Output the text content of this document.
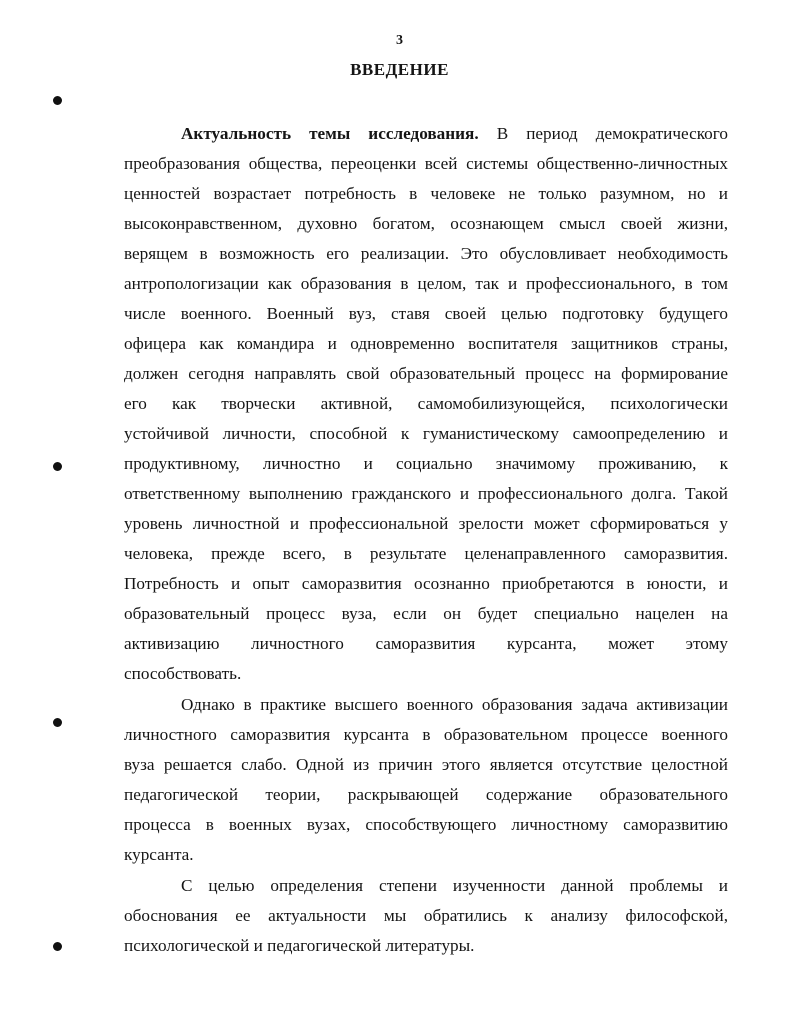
3
ВВЕДЕНИЕ
Актуальность темы исследования. В период демократического
преобразования общества, переоценки всей системы общественно-личностных
ценностей возрастает потребность в человеке не только разумном, но и
высоконравственном, духовно богатом, осознающем смысл своей жизни,
верящем в возможность его реализации. Это обусловливает необходимость
антропологизации как образования в целом, так и профессионального, в том
числе военного. Военный вуз, ставя своей целью подготовку будущего
офицера как командира и одновременно воспитателя защитников страны,
должен сегодня направлять свой образовательный процесс на формирование
его как творчески активной, самомобилизующейся, психологически
устойчивой личности, способной к гуманистическому самоопределению и
продуктивному, личностно и социально значимому проживанию, к
ответственному выполнению гражданского и профессионального долга. Такой
уровень личностной и профессиональной зрелости может сформироваться у
человека, прежде всего, в результате целенаправленного саморазвития.
Потребность и опыт саморазвития осознанно приобретаются в юности, и
образовательный процесс вуза, если он будет специально нацелен на
активизацию личностного саморазвития курсанта, может этому
способствовать.
Однако в практике высшего военного образования задача активизации
личностного саморазвития курсанта в образовательном процессе военного
вуза решается слабо. Одной из причин этого является отсутствие целостной
педагогической теории, раскрывающей содержание образовательного
процесса в военных вузах, способствующего личностному саморазвитию
курсанта.
С целью определения степени изученности данной проблемы и
обоснования ее актуальности мы обратились к анализу философской,
психологической и педагогической литературы.
